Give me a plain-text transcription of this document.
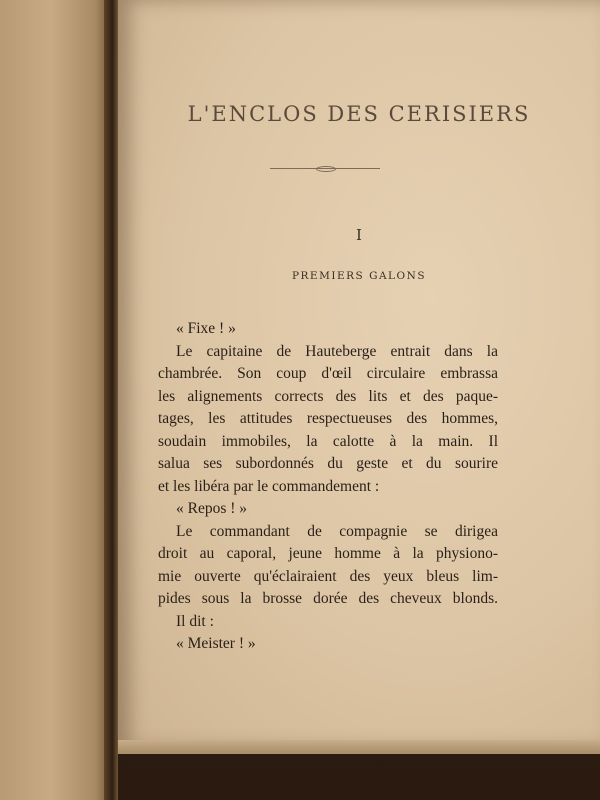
L'ENCLOS DES CERISIERS
I
PREMIERS GALONS
« Fixe ! »
Le capitaine de Hauteberge entrait dans la
chambrée. Son coup d'œil circulaire embrassa
les alignements corrects des lits et des paque-
tages, les attitudes respectueuses des hommes,
soudain immobiles, la calotte à la main. Il
salua ses subordonnés du geste et du sourire
et les libéra par le commandement :
« Repos ! »
Le commandant de compagnie se dirigea
droit au caporal, jeune homme à la physiono-
mie ouverte qu'éclairaient des yeux bleus lim-
pides sous la brosse dorée des cheveux blonds.
Il dit :
« Meister ! »
